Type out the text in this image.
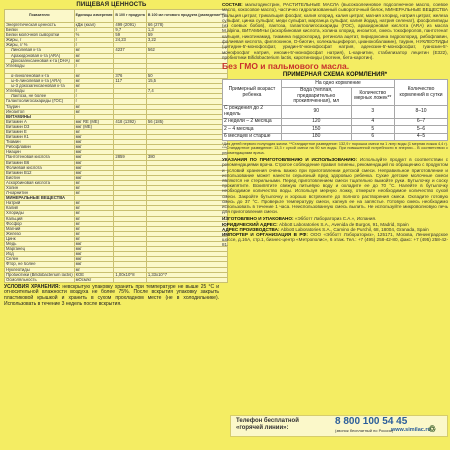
ПИЩЕВАЯ ЦЕННОСТЬ
Показатели	Единицы измерения	В 100 г продукта	В 100 мл готового продукта (разведение***)
Энергетическая ценность	кДж (ккал)	499 (2091)	66 (278)
Белки	г	9,7	1,3
Белки молочной сыворотки	%	59	59
Жиры, г	г	24,23	3,22
Жиры, г/ %	г		
Линолевая к-та	мг	4237	562
Арахидоновая к-та (ARA)	мг		
Докозагексаеновая к-та (DHA)	мг		
Углеводы	г		

α-линоленовая к-та	мг	376	50
ω-6-линолевая к-та (ARA)	мг	117	15,5
ω-3 докозагексаеновая к-та	мг		
Углеводы	г		7,4
Лактоза, не более	г		
Галактоолигосахариды (ГОС)	г		
Таурин	мг		
Инозитол	мг		
ВИТАМИНЫ			
Витамин А	мкг RE (ME)	418 (1392)	56 (185)
Витамин D3	мкг (ME)		
Витамин Е	мг		
Витамин К1	мкг		
Тиамин	мкг		
Рибофлавин	мкг		
Ниацин	мкг		
Пантотеновая кислота	мкг	2859	380
Витамин B6	мкг		
Фолиевая кислота	мкг		
Витамин B12	мкг		
Биотин	мкг		
Аскорбиновая кислота	мг		
Холин	мг		
Л-карнитин	мг		
МИНЕРАЛЬНЫЕ ВЕЩЕСТВА			
Натрий	мг		
Калий	мг		
Хлориды	мг		
Кальций	мг		
Фосфор	мг		
Магний	мг		
Железо	мг		
Цинк	мг		
Медь	мкг		
Марганец	мкг		
Йод	мкг		
Селен	мкг		
Фтор, не более	мкг		
Нуклеотиды	мг		
Пробиотики (Bifidobacterium lactis)	КОЕ	1,00x10^8	1,33x10^7
Осмоляльность	мОсм/кг		
УСЛОВИЯ ХРАНЕНИЯ: невскрытую упаковку хранить при температуре не выше 25 °С и относительной влажности воздуха не более 75%. После вскрытия упаковку закрыть пластиковой крышкой и хранить в сухом прохладном месте (не в холодильнике). Использовать в течение 3 недель после вскрытия.
СОСТАВ: мальтодекстрин, РАСТИТЕЛЬНЫЕ МАСЛА (высокоолеиновое подсолнечное масло, соевое масло, кокосовое масло), частично гидролизованный сывороточный белок, МИНЕРАЛЬНЫЕ ВЕЩЕСТВА (кальция цитрат, трикальция фосфат, калия хлорид, калия цитрат, магния хлорид, натрия цитрат, железа сульфат, цинка сульфат, меди сульфат, марганца сульфат, калия йодид, натрия селенат), фосфолипиды (из соевых бобов), лактоза, галактоолигосахариды (ГОС), арахидоновая кислота (ARA) из масла M.alpina, ВИТАМИНЫ (аскорбиновая кислота, холина хлорид, инозитол, смесь токоферолов, пантотенат кальция, никотинамид, тиамина гидрохлорид, ретинола ацетат, пиридоксина гидрохлорид, рибофлавин, фолиевая кислота, филлохинон, D-биотин, холекальциферол, цианокобаламин), таурин, НУКЛЕОТИДЫ (цитидин-5'-монофосфат, уридин-5'-монофосфат натрия, аденозин-5'-монофосфат, гуанозин-5'-монофосфат натрия, инозин-5'-монофосфат натрия), L-карнитин, стабилизатор лецитин (E322), пробиотики Bifidobacterium lactis, каротиноиды (лютеин, бета-каротин).
Без ГМО и пальмового масла.
ПРИМЕРНАЯ СХЕМА КОРМЛЕНИЯ*
Примерный возраст ребенка	На одно кормление		Количество кормлений в сутки
	Вода (теплая, предварительно прокипяченная), мл	Количество мерных ложек**	
С рождения до 2 недель	90	3	8–10
2 недели – 2 месяца	120	4	6–7
2 – 4 месяца	150	5	5–6
6 месяцев и старше	180	6	4–5
*Для детей первого полугодия жизни. **Стандартное разведение: 132,9 г порошка смеси на 1 литр воды (1 мерная ложка 4,4 г). ***Стандартное разведение: 13,3 г сухой смеси на 90 мл воды. При повышенной потребности в энергии... В соответствии с рекомендациями врача.
УКАЗАНИЯ ПО ПРИГОТОВЛЕНИЮ И ИСПОЛЬЗОВАНИЮ: Используйте продукт в соответствии с рекомендациями врача. Строгое соблюдение правил гигиены, рекомендаций по обращению с продуктом и условий хранения очень важно при приготовлении детской смеси. Неправильное приготовление и использование может нанести серьезный вред здоровью ребенка. Сухие детские молочные смеси являются не стерильными. Перед приготовлением смеси тщательно вымойте руки. Бутылочку и соску прокипятите. Вскипятите свежую питьевую воду и охладите ее до 70 °С. Налейте в бутылочку необходимое количество воды. Используя мерную ложку, отмерьте необходимое количество сухой смеси. Закройте бутылочку и хорошо встряхните до полного растворения смеси. Охладите готовую смесь до 37 °С. Проверьте температуру смеси, капнув ее на запястье. Готовую смесь необходимо использовать в течение 1 часа. Неиспользованную смесь вылить. Не используйте микроволновую печь для приготовления смеси.
ИЗГОТОВЛЕНО И УПАКОВАНО: «Эбботт Лабораториз С.А.», Испания.
ЮРИДИЧЕСКИЙ АДРЕС: Abbott Laboratories S.A., Avenida de Burgos, 91, Madrid, Spain
АДРЕС ПРОИЗВОДСТВА: Abbott Laboratories S.A., Camino de Purchil, 68, 18004, Granada, Spain
ИМПОРТЕР И ОРГАНИЗАЦИЯ В РФ: ООО «Эбботт Лэбораториз», 125171, Москва, Ленинградское шоссе, д.16А, стр.1, бизнес-центр «Метрополис», 6 этаж. Тел.: +7 (495) 258-42-80, факс: +7 (495) 258-42-81.
Телефон бесплатной
«горячей линии»:
8 800 100 54 45
(звонок бесплатный по России)
www.similac.ru
♲
